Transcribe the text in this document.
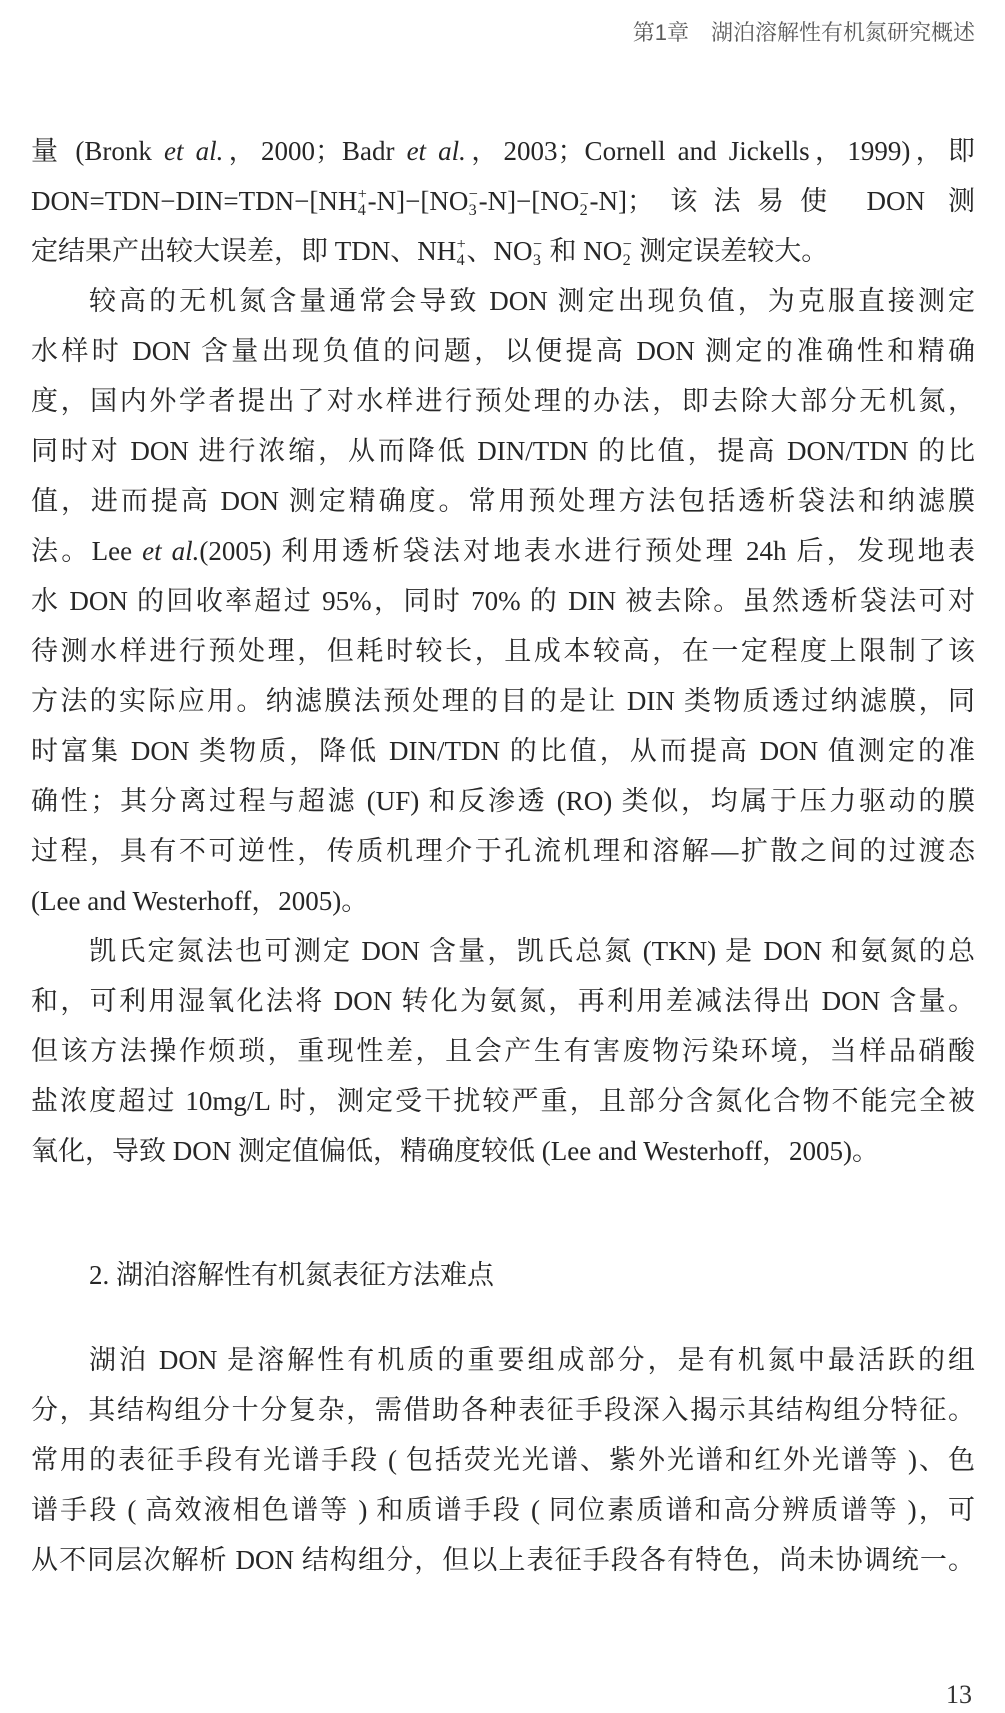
第1章　湖泊溶解性有机氮研究概述
量 (Bronk et al.，2000；Badr et al.，2003；Cornell and Jickells，1999)，即
DON=TDN−DIN=TDN−[NH +
4 -N]−[NO −
3 -N]−[NO −
2 -N]；该法易使 DON 测
定结果产出较大误差，即 TDN、NH +
4 、NO −
3 和 NO −
2 测定误差较大。
较高的无机氮含量通常会导致 DON 测定出现负值，为克服直接测定
水样时 DON 含量出现负值的问题，以便提高 DON 测定的准确性和精确
度，国内外学者提出了对水样进行预处理的办法，即去除大部分无机氮，
同时对 DON 进行浓缩，从而降低 DIN/TDN 的比值，提高 DON/TDN 的比
值，进而提高 DON 测定精确度。常用预处理方法包括透析袋法和纳滤膜
法。Lee et al.(2005) 利用透析袋法对地表水进行预处理 24h 后，发现地表
水 DON 的回收率超过 95%，同时 70% 的 DIN 被去除。虽然透析袋法可对
待测水样进行预处理，但耗时较长，且成本较高，在一定程度上限制了该
方法的实际应用。纳滤膜法预处理的目的是让 DIN 类物质透过纳滤膜，同
时富集 DON 类物质，降低 DIN/TDN 的比值，从而提高 DON 值测定的准
确性；其分离过程与超滤 (UF) 和反渗透 (RO) 类似，均属于压力驱动的膜
过程，具有不可逆性，传质机理介于孔流机理和溶解—扩散之间的过渡态
(Lee and Westerhoff，2005)。
凯氏定氮法也可测定 DON 含量，凯氏总氮 (TKN) 是 DON 和氨氮的总
和，可利用湿氧化法将 DON 转化为氨氮，再利用差减法得出 DON 含量。
但该方法操作烦琐，重现性差，且会产生有害废物污染环境，当样品硝酸
盐浓度超过 10mg/L 时，测定受干扰较严重，且部分含氮化合物不能完全被
氧化，导致 DON 测定值偏低，精确度较低 (Lee and Westerhoff，2005)。
2. 湖泊溶解性有机氮表征方法难点
湖泊 DON 是溶解性有机质的重要组成部分，是有机氮中最活跃的组
分，其结构组分十分复杂，需借助各种表征手段深入揭示其结构组分特征。
常用的表征手段有光谱手段 ( 包括荧光光谱、紫外光谱和红外光谱等 )、色
谱手段 ( 高效液相色谱等 ) 和质谱手段 ( 同位素质谱和高分辨质谱等 )，可
从不同层次解析 DON 结构组分，但以上表征手段各有特色，尚未协调统一。
13
